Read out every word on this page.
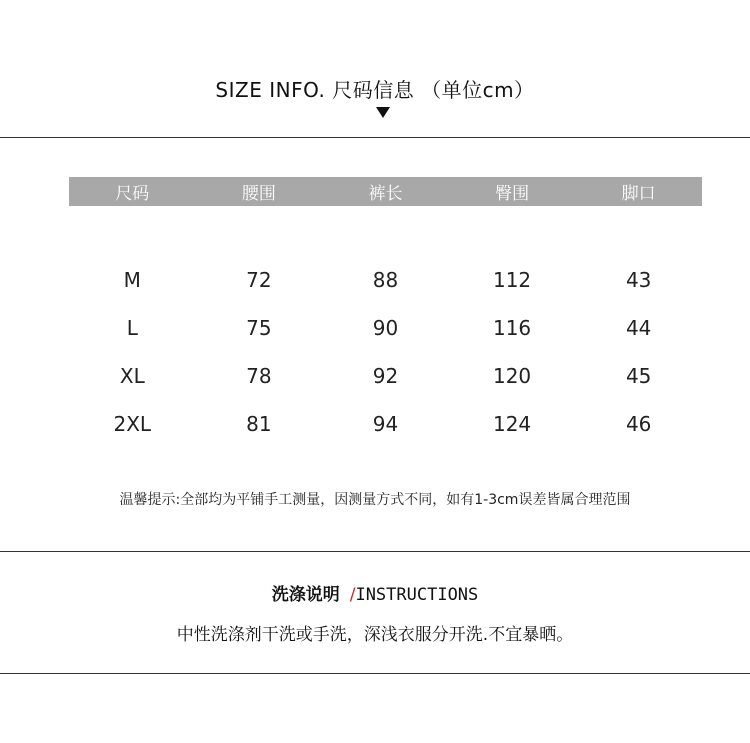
SIZE INFO. 尺码信息 （单位cm）
尺码	腰围	裤长	臀围	脚口
M	72	88	112	43
L	75	90	116	44
XL	78	92	120	45
2XL	81	94	124	46
温馨提示:全部均为平铺手工测量，因测量方式不同，如有1-3cm误差皆属合理范围
洗涤说明 /INSTRUCTIONS
中性洗涤剂干洗或手洗，深浅衣服分开洗.不宜暴晒。
